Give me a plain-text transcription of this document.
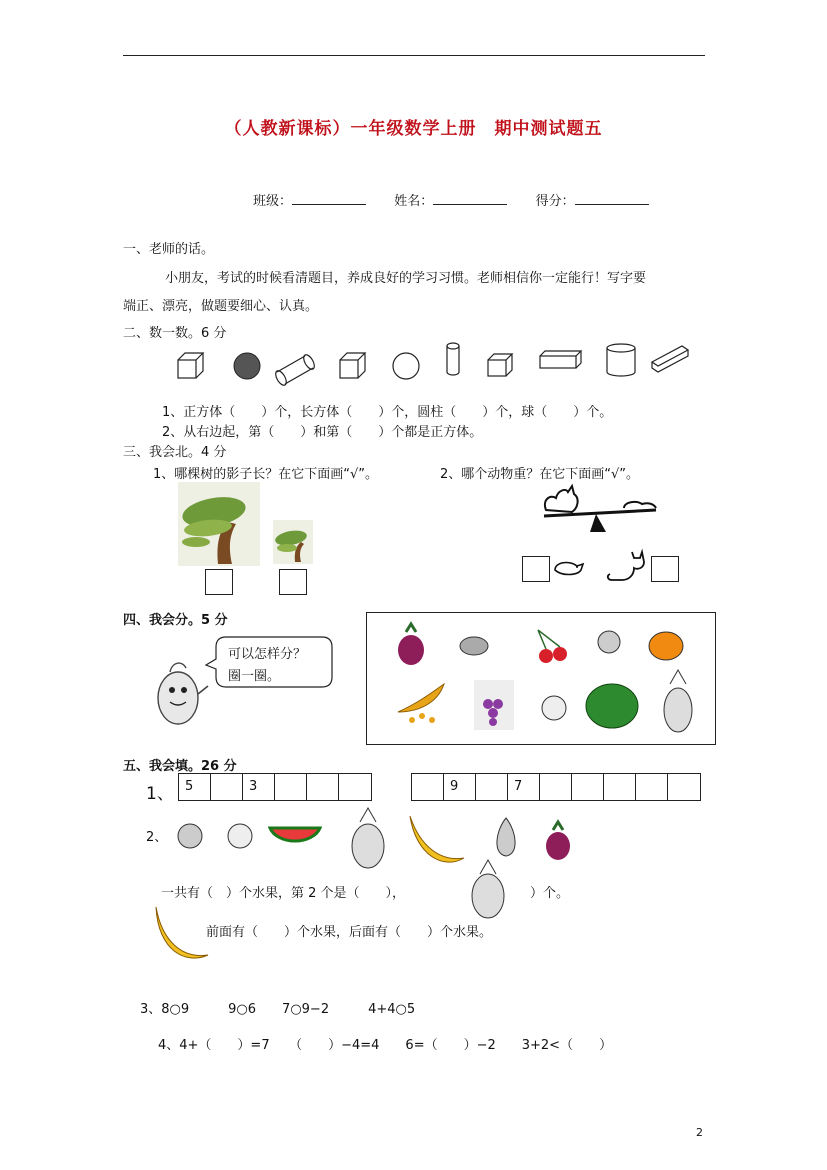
（人教新课标）一年级数学上册　期中测试题五
班级：	姓名：	得分：
一、老师的话。
小朋友，考试的时候看清题目，养成良好的学习习惯。老师相信你一定能行！写字要
端正、漂亮，做题要细心、认真。
二、数一数。6 分
1、正方体（　　）个，长方体（　　）个，圆柱（　　）个，球（　　）个。
2、从右边起，第（　　）和第（　　）个都是正方体。
三、我会北。4 分
1、哪棵树的影子长？在它下面画“√”。	2、哪个动物重？在它下面画“√”。
四、我会分。5 分
可以怎样分？
圈一圈。
五、我会填。26 分
1、 5	3	9	7
2、
一共有（　）个水果，第 2 个是（　　），	）个。
前面有（　　）个水果，后面有（　　）个水果。
3、8○9　　　9○6　　7○9−2　　　4+4○5
4、4+（　　）=7　　（　　）−4=4　　6=（　　）−2　　3+2<（　　）
2
